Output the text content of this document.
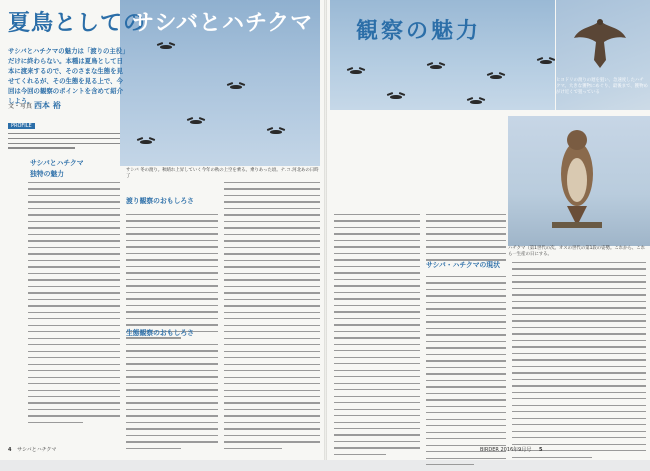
夏鳥としての
サシバとハチクマ 観察の魅力
サシバとハチクマの魅力は「渡りの主役」だけに終わらない。本種は夏鳥として日本に渡来するので、そのさまな生態を見せてくれるが、その生態を見る上で、今回は今回の観察のポイントを含めて紹介しよう。
文・写真 西本 裕
PROFILE
サシバとハチクマ
独特の魅力	サシバ 冬の渡り。秋晴れ上昇していく今年の秋の上空を乗る。乗りあった頃。ナ.コ.河北あの日時了
渡り観察のおもしろさ
生態観察のおもしろさ
ヒヨドリの渡りの遅を狙い、急速度したハチクマ。大きな獲物にめぐり、最後まで、獲物めがけ近くで狙っている
ハチクマ（第1世代の次。オスの世代の第1段の姿勢。これから、これら一生産の日にする。
サシバ・ハチクマの現状
4 サシバとハチクマ	BIRDER 2016年9月号 5
